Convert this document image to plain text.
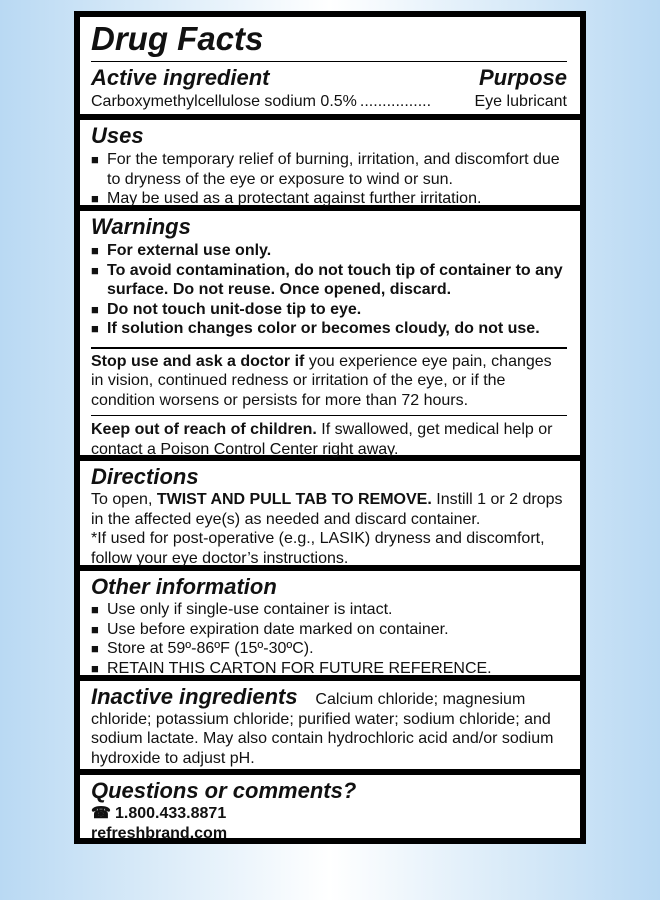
Drug Facts
Active ingredient	Purpose
Carboxymethylcellulose sodium 0.5% ................	Eye lubricant
Uses
■ For the temporary relief of burning, irritation, and discomfort due to dryness of the eye or exposure to wind or sun.
■ May be used as a protectant against further irritation.
Warnings
■ For external use only.
■ To avoid contamination, do not touch tip of container to any surface. Do not reuse. Once opened, discard.
■ Do not touch unit-dose tip to eye.
■ If solution changes color or becomes cloudy, do not use.
Stop use and ask a doctor if you experience eye pain, changes in vision, continued redness or irritation of the eye, or if the condition worsens or persists for more than 72 hours.
Keep out of reach of children. If swallowed, get medical help or contact a Poison Control Center right away.
Directions
To open, TWIST AND PULL TAB TO REMOVE. Instill 1 or 2 drops in the affected eye(s) as needed and discard container.
*If used for post-operative (e.g., LASIK) dryness and discomfort, follow your eye doctor’s instructions.
Other information
■ Use only if single-use container is intact.
■ Use before expiration date marked on container.
■ Store at 59º-86ºF (15º-30ºC).
■ RETAIN THIS CARTON FOR FUTURE REFERENCE.
Inactive ingredients Calcium chloride; magnesium chloride; potassium chloride; purified water; sodium chloride; and sodium lactate. May also contain hydrochloric acid and/or sodium hydroxide to adjust pH.
Questions or comments?
☎ 1.800.433.8871
refreshbrand.com
